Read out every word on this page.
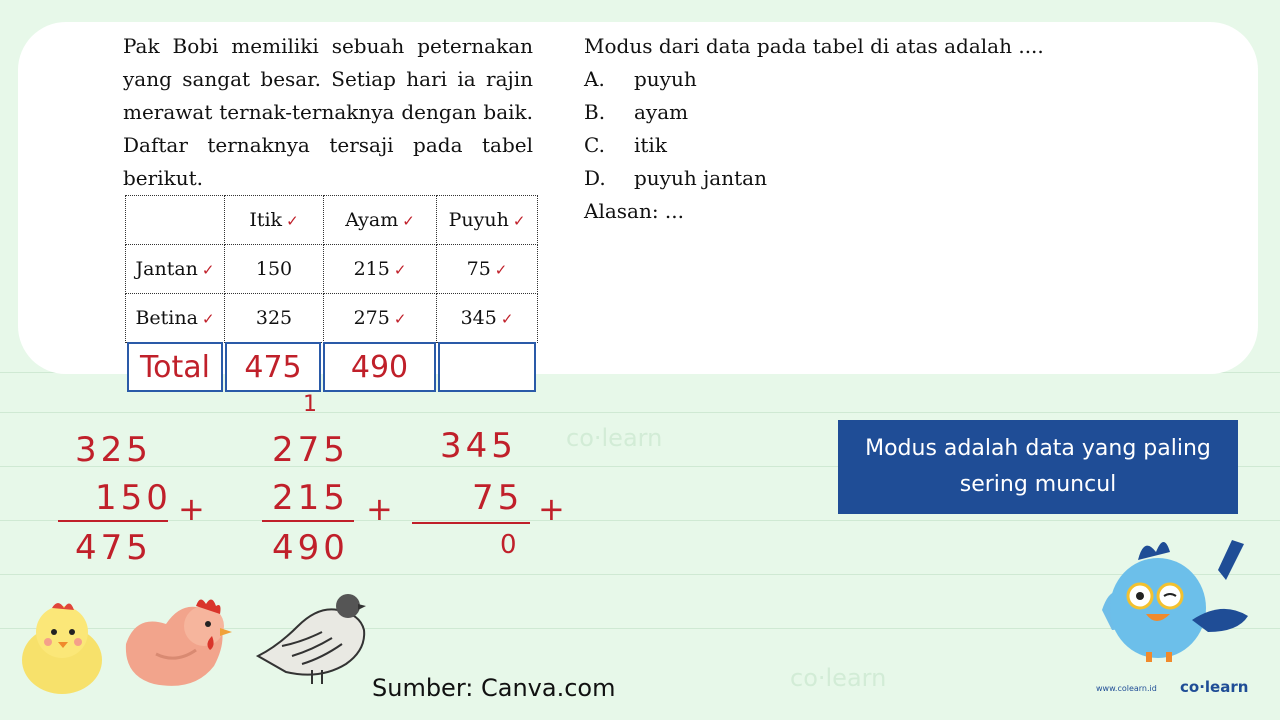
Pak Bobi memiliki sebuah peternakan yang sangat besar. Setiap hari ia rajin merawat ternak-ternaknya dengan baik. Daftar ternaknya tersaji pada tabel berikut.
	Itik ✓	Ayam ✓	Puyuh ✓
Jantan ✓	150	215 ✓	75 ✓
Betina ✓	325	275 ✓	345 ✓
Total	475	490
Modus dari data pada tabel di atas adalah ....
A.	puyuh
B.	ayam
C.	itik
D.	puyuh jantan
Alasan: ...
325
150 +
475
1
275
215 +
490
345
75 +
0
Modus adalah data yang paling sering muncul
co·learn
co·learn
Sumber: Canva.com	www.colearn.id co·learn
